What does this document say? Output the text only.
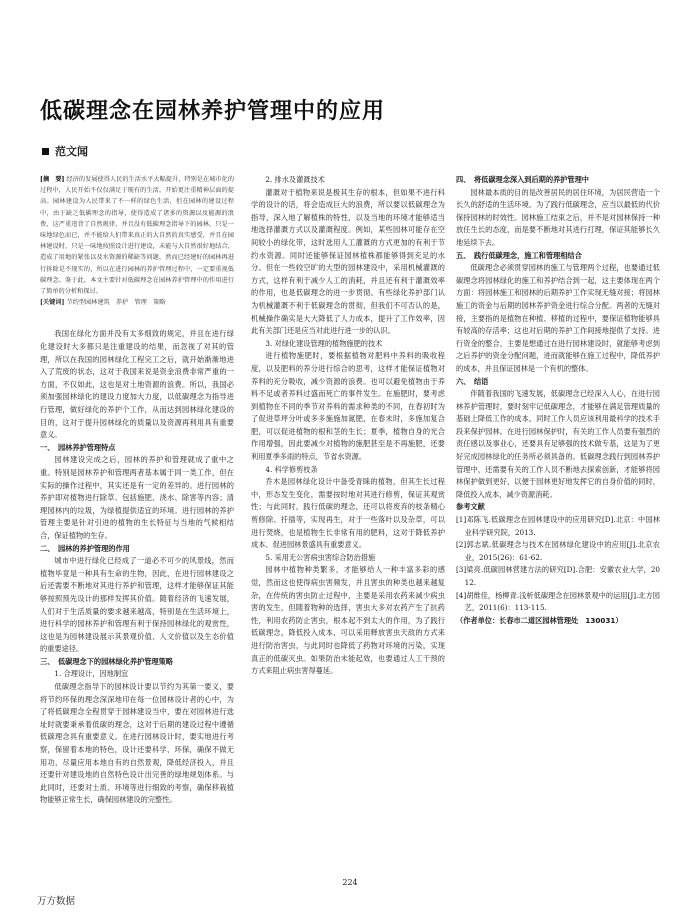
低碳理念在园林养护管理中的应用
范文闻

[摘　要] 经济的发展使得人民的生活水平大幅提升，特别是在城市化的过程中，人民开始不仅仅满足于现有的生活，开始更注重精神层面的提高。园林建设为人民带来了不一样的绿色生活，但在园林的建设过程中，由于缺乏低碳理念的指导，使得造成了诸多的资源以及能源的浪费，这严重违背了自然规律，并且没有低碳理念指导下的园林，只是一味地绿色而已，并不能给人们带来真正的大自然的真实感受，并且在园林建设时，只是一味地按照设计进行建设，未能与大自然很好地结合，造成了用地的紧张以及水资源的稀缺等问题，然而已经建好的园林再进行拆除是不现实的，所以在进行园林的养护管理过程中，一定要重视低碳理念。鉴于此，本文主要针对低碳理念在园林养护管理中的作用进行了简单的分析和探讨。

[关键词] 节约型园林建筑　养护　管理　策略

我国在绿化方面并没有太多细致的规定，并且在进行绿化建设时大多都只是注重建设的结果，而忽视了对其的管理，所以在我国的园林绿化工程完工之后，就开始渐渐地进入了荒废的状态，这对于我国来说是资金浪费非常严重的一方面，不仅如此，这也是对土地资源的浪费。所以，我国必须加强园林绿化的建设力度加大力度，以低碳理念为指导进行管理，做好绿化的养护个工作，从而达到园林绿化建设的目的，这对于提升园林绿化的质量以及资源再利用具有重要意义。

一、　园林养护管理特点

园林建设完成之后，园林的养护和管理就成了重中之重。特别是园林养护和管理两者基本属于同一类工作，但在实际的操作过程中，其实还是有一定的差异的。进行园林的养护即对植物进行除草、包括施肥、浇水、除害等内容；清理园林内的垃圾，为绿植提供适宜的环境。进行园林的养护管理主要是针对引进的植物的生长特征与当地的气候相结合，保证植物的生存。

二、　园林的养护管理的作用

城市中进行绿化已经成了一道必不可少的风景线，然而植物毕竟是一种具有生命的生物，因此，在进行园林建设之后还需要不断地对其进行养护和管理，这样才能够保证其能够按照预先设计的那样发挥其价值。随着经济的飞速发展，人们对于生活质量的要求越来越高，特别是在生活环境上，进行科学的园林养护和管理有利于保持园林绿化的观赏性，这也是为园林建设展示其景观价值、人文价值以及生态价值的重要途径。

三、　低碳理念下的园林绿化养护管理策略

1. 合理设计，因地制宜

低碳理念指导下的园林设计要以节约为其第一要义，要将节约环保的理念深深地印在每一位园林设计者的心中，为了将低碳理念全程贯穿于园林建设当中，要在对园林进行选址时就要秉承着低碳的理念，这对于后期的建设过程中遵循低碳理念具有重要意义。在进行园林设计时，要实地进行考察，保留着本地的特色，设计还要科学、环保，确保不做无用功，尽量应用本地自有的自然景观，降低经济投入，并且还要针对建设地的自然特色设计出完善的绿地规划体系。与此同时，还要对土质、环境等进行细致的考察，确保移栽植物能够正常生长，确保园林建设的完整性。

2. 排水及灌溉技术

灌溉对于植物来说是极其生存的根本，但如果不进行科学的设计的话，将会造成巨大的浪费，所以要以低碳理念为指导，深入地了解植株的特性，以及当地的环境才能够适当地选择灌溉方式以及灌溉程度。例如，某些园林可能存在空间较小的绿化带，这时选用人工灌溉的方式更加的有利于节约水资源。同时还能够保证园林植株都能够得到充足的水分。但在一些较空旷的大型的园林建设中，采用机械灌溉的方式，这样有利于减少人工的消耗，并且还有利于灌溉效率的作用，也是低碳理念的进一步贯彻。有些绿化养护部门认为机械灌溉不利于低碳理念的贯彻，但我们不可否认的是，机械操作确实是大大降低了人力成本，提升了工作效率，因此有关部门还是应当对此进行进一步的认识。

3. 对绿化建设管理的植物施肥的技术

进行植物施肥时，要根据植物对肥料中养料的吸收程度，以及肥料的养分进行综合的思考，这样才能保证植物对养料的充分吸收，减少资源的浪费。也可以避免植物由于养料不足或者养料过盛而死亡的事件发生。在施肥时，要考虑到植物在不同的季节对养料的需求种类的不同，在春初时为了促进草坪分叶或多多施施加氮肥，在春末时，多施加复合肥，可以促进植物的根和茎的生长；夏季，植物自身的光合作用增强，因此要减少对植物的施肥甚至是不再施肥，还要利用夏季多雨的特点，节省水资源。

4. 科学修剪枝条

乔木是园林绿化设计中备受青睐的植物，但其生长过程中，形态发生变化，需要按时地对其进行修剪，保证其观赏性；与此同时，践行低碳的理念，还可以将废弃的枝条精心剪修除、扦插等，实现再生，对于一些落叶以及杂草，可以进行焚烧，也是植物生长非常有用的肥料，这对于降低养护成本、促进园林景盛具有重要意义。

5. 采用无公害病虫害综合防治措施

园林中植物种类繁多，才能够给人一种丰富多彩的感觉，然而这也使得病虫害频发，并且害虫的种类也越来越复杂，在传统的害虫防止过程中，主要是采用农药来减少病虫害的发生，但随着物种的选择，害虫大多对农药产生了抗药性，利用农药防止害虫，根本起不到太大的作用，为了践行低碳理念，降低投入成本，可以采用释放害虫天敌的方式来进行防治害虫，与此同时也降低了药物对环境的污染，实现真正的低碳灭虫。如果防治未能起效，也要通过人工干预的方式来阻止病虫害得蔓延。

四、　将低碳理念深入到后期的养护管理中

园林最本质的目的是改善居民的居住环境，为居民营造一个长久的舒适的生活环境。为了践行低碳理念，应当以最低的代价保持园林的时效性。园林施工结束之后，并不是对园林保持一种放任生长的态度，而是要不断地对其进行打理，保证其能够长久地延续下去。

五、　践行低碳理念，施工和管理相结合

低碳理念必须贯穿园林的施工与管理两个过程，也要通过低碳理念将园林绿化的施工和养护结合到一起，这主要体现在两个方面：将园林施工和园林的后期养护工作实现无缝对接；将园林施工的资金与后期的园林养护资金进行综合分配。两者的无缝对接，主要指的是植物在种植、移植的过程中，要保证植物能够具有较高的存活率；这也对后期的养护工作间接地提供了支持。进行资金的整合，主要是想通过在进行园林建设时，就能够考虑到之后养护的资金分配问题，进而就能够在施工过程中，降低养护的成本，并且保证园林是一个有机的整体。

六、　结语

伴随着我国的飞速发展，低碳理念已经深入人心，在进行园林养护管理时，要时刻牢记低碳理念，才能够在满足管理质量的基础上降低工作的成本，同时工作人员应该利用最科学的技术手段来保护园林。在进行园林保护时，有关的工作人员要有强烈的责任感以及事业心，还要具有足够强的技术做专基，这是为了更好完成园林绿化的任务所必须具备的。低碳理念践行到园林养护管理中，还需要有关的工作人员不断地去探索创新，才能够将园林保护做到更好，以便于园林更好地发挥它的自身价值的同时，降低投入成本，减少资源消耗。

参考文献

[1]邓陈飞.低碳理念在园林建设中的应用研究[D].北京：中国林业科学研究院，2013.

[2]郭志斌.低碳理念与技术在园林绿化建设中的应用[J].北京农业，2015(26)：61-62.

[3]梁亮.低碳园林营建方法的研究[D].合肥：安徽农业大学，2012.

[4]胡维佳，杨柳青.浅析低碳理念在园林景观中的运用[J].北方园艺，2011(6)：113-115.

（作者单位：长春市二道区园林管理处　130031）

224
万方数据
